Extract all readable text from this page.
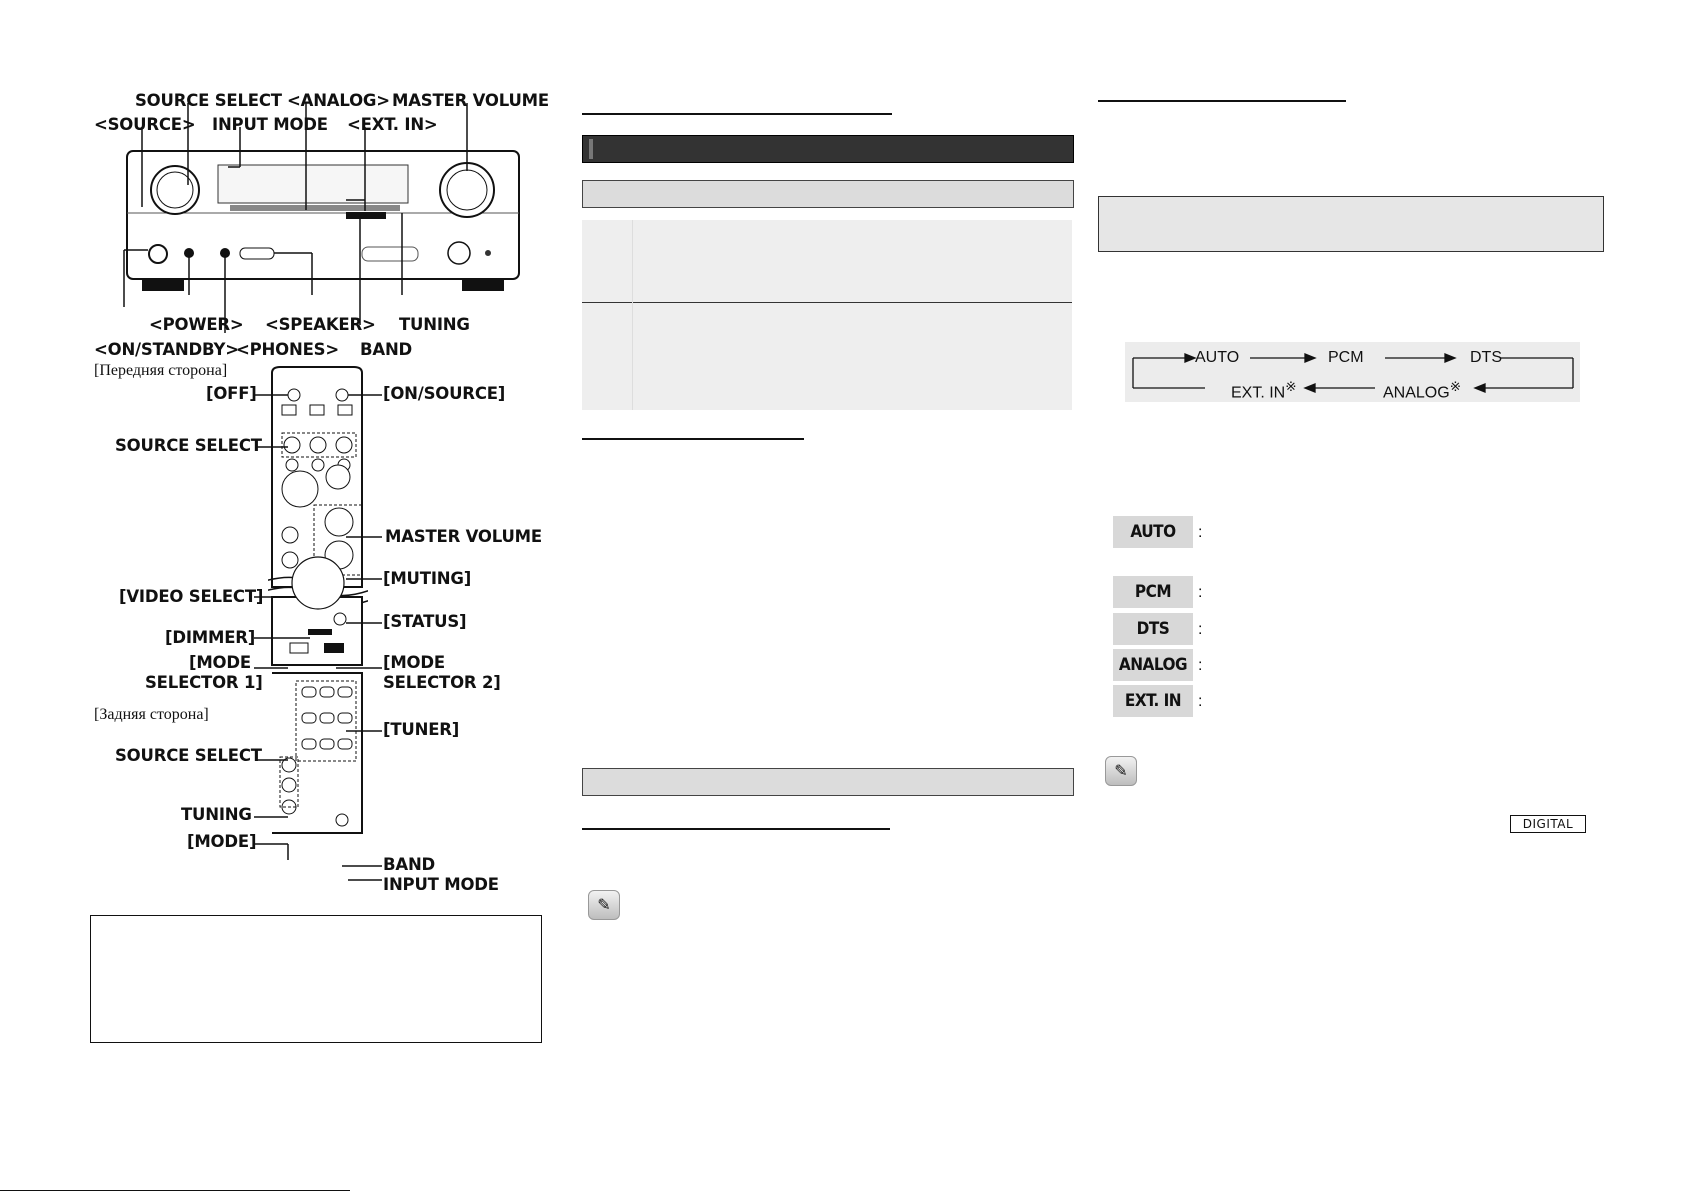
SOURCE SELECT <ANALOG> MASTER VOLUME
<SOURCE> INPUT MODE <EXT. IN>
<POWER> <SPEAKER> TUNING
<ON/STANDBY>
<PHONES> BAND
[Передняя сторона]
[OFF]	[ON/SOURCE]
SOURCE SELECT
MASTER VOLUME
[MUTING]
[VIDEO SELECT]
[STATUS]
[DIMMER]
[MODE
SELECTOR 1]
[MODE
SELECTOR 2]
[Задняя сторона]
[TUNER]
SOURCE SELECT
TUNING
[MODE]
BAND
INPUT MODE
✎
AUTO	PCM	DTS
EXT. IN※	ANALOG※
AUTO	:
PCM	:
DTS	:
ANALOG :
EXT. IN	:
✎
DIGITAL
